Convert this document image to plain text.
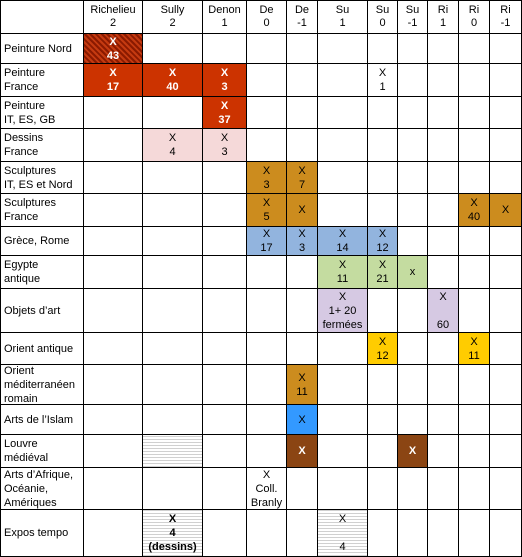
Richelieu
2
Sully
2
Denon
1
De
0
De
-1
Su
1
Su
0
Su
-1
Ri
1
Ri
0
Ri
-1
Peinture Nord
X
43
Peinture
France
X
17
X
40
X
3
X
1
Peinture
IT, ES, GB
X
37
Dessins
France
X
4
X
3
Sculptures
IT, ES et Nord
X
3
X
7
Sculptures
France
X
5
X
X
40
X
Grèce, Rome
X
17
X
3
X
14
X
12
Egypte
antique
X
11
X
21
x
Objets d’art
X
1+ 20
fermées
X

60
Orient antique
X
12
X
11
Orient
méditerranéen
romain
X
11
Arts de l’Islam	X
Louvre
médiéval
X	X
Arts d’Afrique,
Océanie,
Amériques
X
Coll.
Branly
Expos tempo
X
4
(dessins)
X

4
